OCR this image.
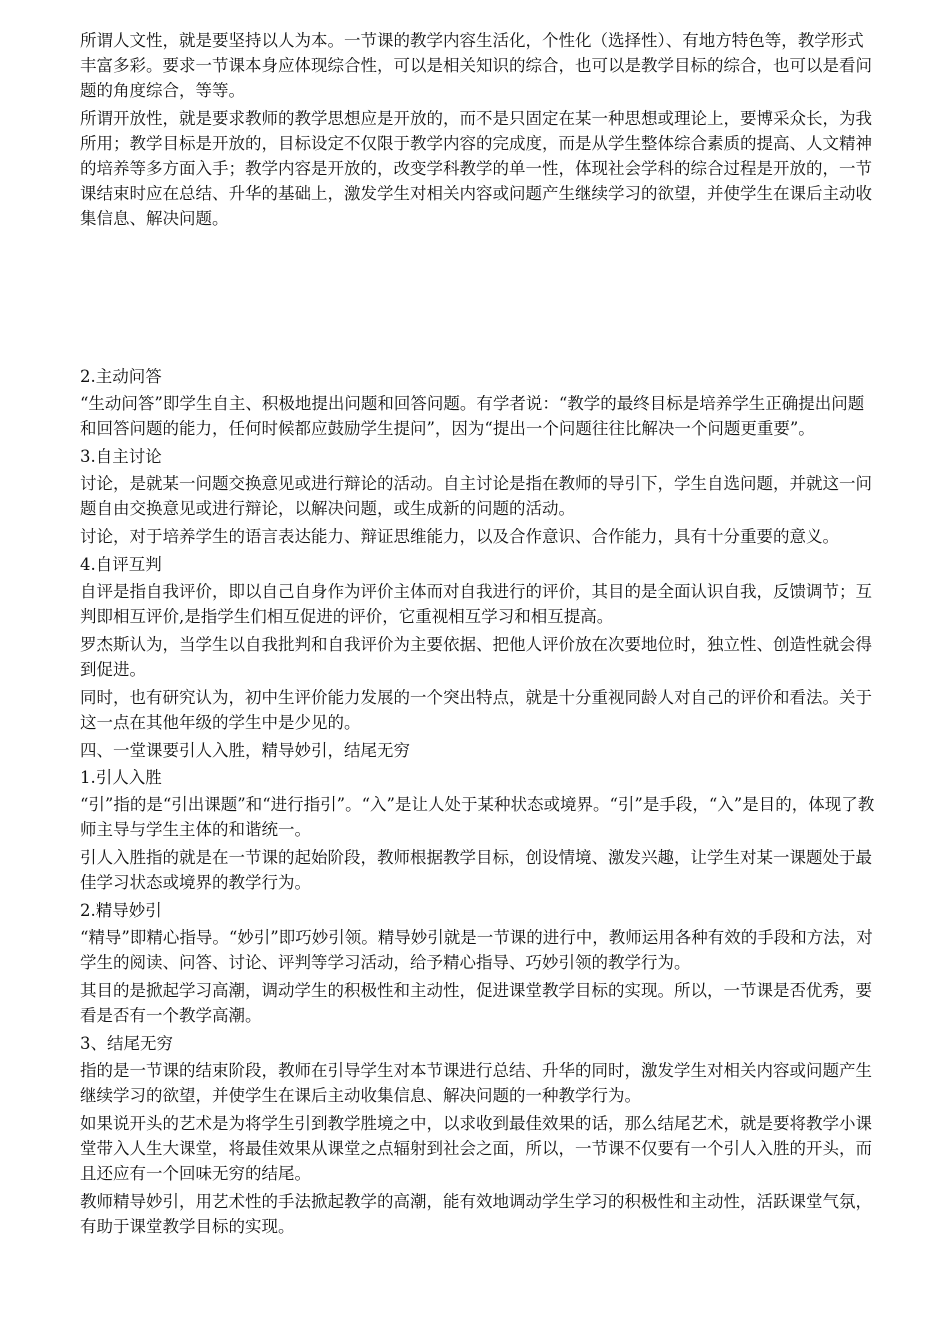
所谓人文性，就是要坚持以人为本。一节课的教学内容生活化，个性化（选择性）、有地方特色等，教学形式丰富多彩。要求一节课本身应体现综合性，可以是相关知识的综合，也可以是教学目标的综合，也可以是看问题的角度综合，等等。

所谓开放性，就是要求教师的教学思想应是开放的，而不是只固定在某一种思想或理论上，要博采众长，为我所用；教学目标是开放的，目标设定不仅限于教学内容的完成度，而是从学生整体综合素质的提高、人文精神的培养等多方面入手；教学内容是开放的，改变学科教学的单一性，体现社会学科的综合过程是开放的，一节课结束时应在总结、升华的基础上，激发学生对相关内容或问题产生继续学习的欲望，并使学生在课后主动收集信息、解决问题。

2.主动问答

“生动问答”即学生自主、积极地提出问题和回答问题。有学者说：“教学的最终目标是培养学生正确提出问题和回答问题的能力，任何时候都应鼓励学生提问”，因为“提出一个问题往往比解决一个问题更重要”。

3.自主讨论

讨论，是就某一问题交换意见或进行辩论的活动。自主讨论是指在教师的导引下，学生自选问题，并就这一问题自由交换意见或进行辩论，以解决问题，或生成新的问题的活动。

讨论，对于培养学生的语言表达能力、辩证思维能力，以及合作意识、合作能力，具有十分重要的意义。

4.自评互判

自评是指自我评价，即以自己自身作为评价主体而对自我进行的评价，其目的是全面认识自我，反馈调节；互判即相互评价,是指学生们相互促进的评价，它重视相互学习和相互提高。

罗杰斯认为，当学生以自我批判和自我评价为主要依据、把他人评价放在次要地位时，独立性、创造性就会得到促进。

同时，也有研究认为，初中生评价能力发展的一个突出特点，就是十分重视同龄人对自己的评价和看法。关于这一点在其他年级的学生中是少见的。

四、一堂课要引人入胜，精导妙引，结尾无穷

1.引人入胜

“引”指的是“引出课题”和“进行指引”。“入”是让人处于某种状态或境界。“引”是手段，“入”是目的，体现了教师主导与学生主体的和谐统一。

引人入胜指的就是在一节课的起始阶段，教师根据教学目标，创设情境、激发兴趣，让学生对某一课题处于最佳学习状态或境界的教学行为。

2.精导妙引

“精导”即精心指导。“妙引”即巧妙引领。精导妙引就是一节课的进行中，教师运用各种有效的手段和方法，对学生的阅读、问答、讨论、评判等学习活动，给予精心指导、巧妙引领的教学行为。

其目的是掀起学习高潮，调动学生的积极性和主动性，促进课堂教学目标的实现。所以，一节课是否优秀，要看是否有一个教学高潮。

3、结尾无穷

指的是一节课的结束阶段，教师在引导学生对本节课进行总结、升华的同时，激发学生对相关内容或问题产生继续学习的欲望，并使学生在课后主动收集信息、解决问题的一种教学行为。

如果说开头的艺术是为将学生引到教学胜境之中，以求收到最佳效果的话，那么结尾艺术，就是要将教学小课堂带入人生大课堂，将最佳效果从课堂之点辐射到社会之面，所以，一节课不仅要有一个引人入胜的开头，而且还应有一个回味无穷的结尾。

教师精导妙引，用艺术性的手法掀起教学的高潮，能有效地调动学生学习的积极性和主动性，活跃课堂气氛，有助于课堂教学目标的实现。
